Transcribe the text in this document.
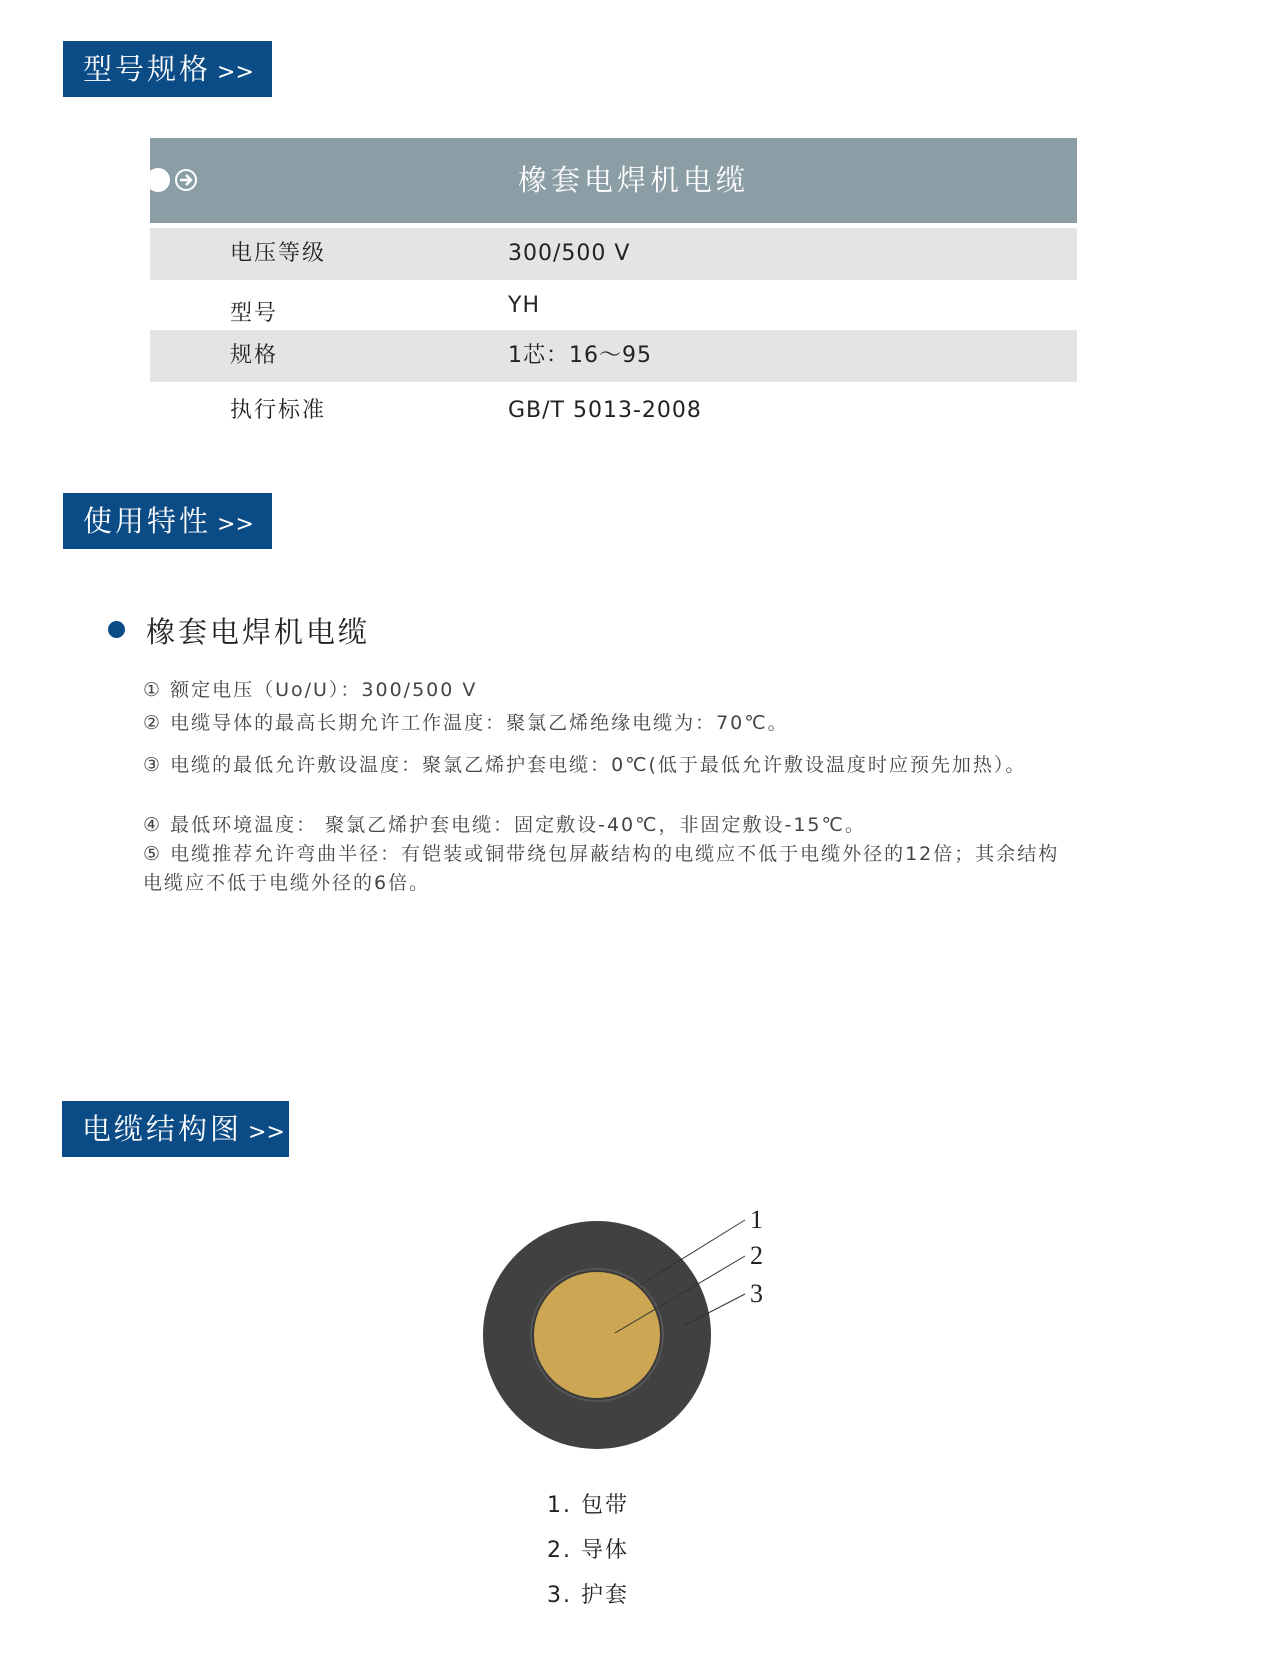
型号规格 >>
橡套电焊机电缆
电压等级	300/500 V
型号	YH
规格	1芯：16～95
执行标准	GB/T 5013-2008
使用特性 >>
橡套电焊机电缆
① 额定电压（Uo/U）：300/500 V
② 电缆导体的最高长期允许工作温度：聚氯乙烯绝缘电缆为：70℃。
③ 电缆的最低允许敷设温度：聚氯乙烯护套电缆：0℃(低于最低允许敷设温度时应预先加热）。
④ 最低环境温度： 聚氯乙烯护套电缆：固定敷设-40℃，非固定敷设-15℃。
⑤ 电缆推荐允许弯曲半径：有铠装或铜带绕包屏蔽结构的电缆应不低于电缆外径的12倍；其余结构电缆应不低于电缆外径的6倍。
电缆结构图 >>
1
2
3
1. 包带
2. 导体
3. 护套
